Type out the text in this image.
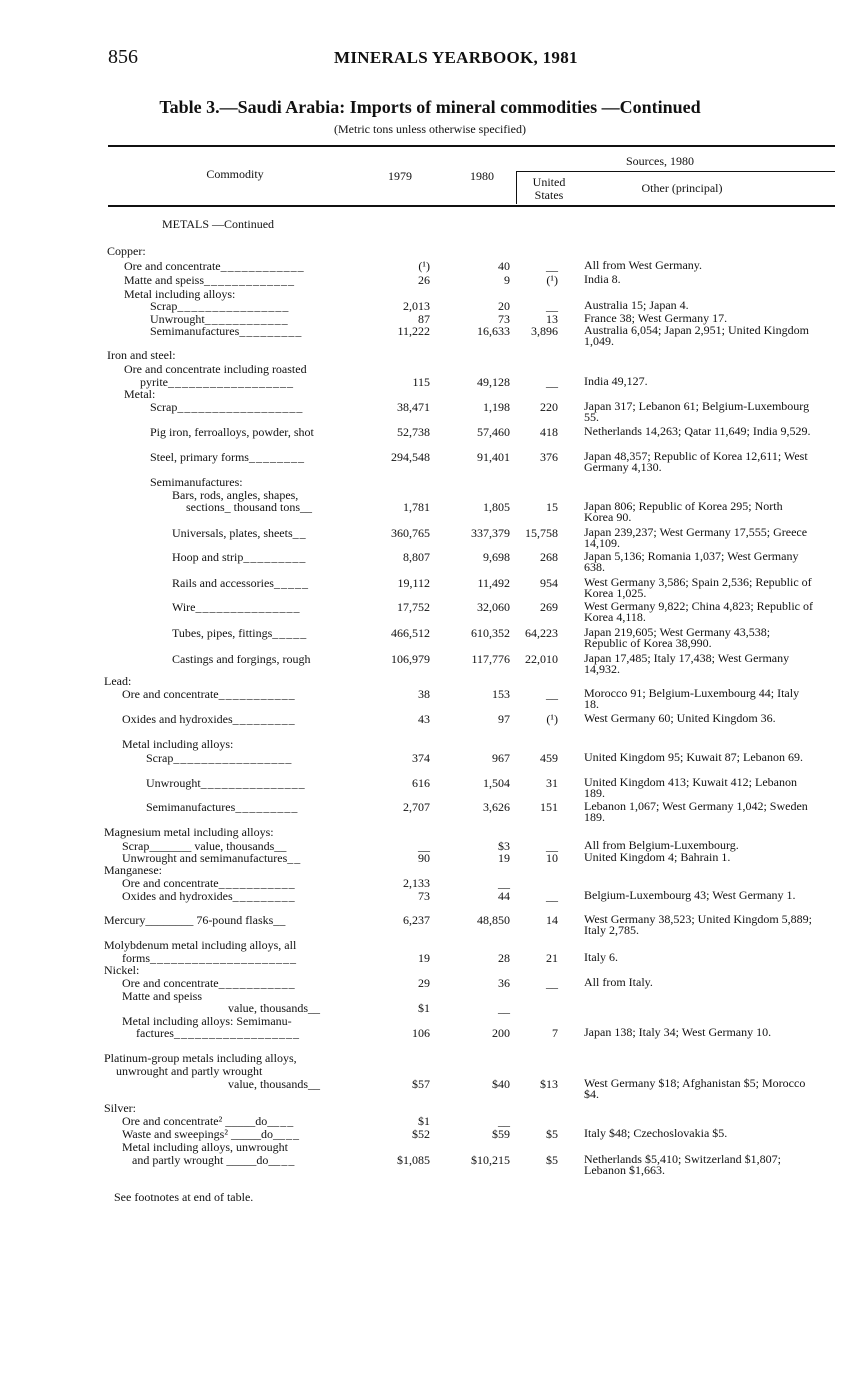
856	MINERALS YEARBOOK, 1981
Table 3.—Saudi Arabia: Imports of mineral commodities —Continued
(Metric tons unless otherwise specified)
Commodity	1979	1980
Sources, 1980
United States	Other (principal)
METALS —Continued
Copper:
Ore and concentrate____________	(¹)	40	__ All from West Germany.
Matte and speiss_____________	26	9	(¹) India 8.
Metal including alloys:
Scrap________________	2,013	20	__ Australia 15; Japan 4.
Unwrought____________	87	73	13 France 38; West Germany 17.
Semimanufactures_________	11,222	16,633	3,896 Australia 6,054; Japan 2,951; United Kingdom 1,049.
Iron and steel:
Ore and concentrate including roasted
pyrite__________________	115	49,128	__ India 49,127.
Metal:
Scrap__________________	38,471	1,198	220 Japan 317; Lebanon 61; Belgium-Luxembourg 55.
Pig iron, ferroalloys, powder, shot	52,738	57,460	418 Netherlands 14,263; Qatar 11,649; India 9,529.
Steel, primary forms________	294,548	91,401	376 Japan 48,357; Republic of Korea 12,611; West Germany 4,130.
Semimanufactures:
Bars, rods, angles, shapes,
sections_ thousand tons__	1,781	1,805	15 Japan 806; Republic of Korea 295; North Korea 90.
Universals, plates, sheets__	360,765	337,379	15,758 Japan 239,237; West Germany 17,555; Greece 14,109.
Hoop and strip_________	8,807	9,698	268 Japan 5,136; Romania 1,037; West Germany 638.
Rails and accessories_____	19,112	11,492	954 West Germany 3,586; Spain 2,536; Republic of Korea 1,025.
Wire_______________	17,752	32,060	269 West Germany 9,822; China 4,823; Republic of Korea 4,118.
Tubes, pipes, fittings_____	466,512	610,352	64,223 Japan 219,605; West Germany 43,538; Republic of Korea 38,990.
Castings and forgings, rough	106,979	117,776	22,010 Japan 17,485; Italy 17,438; West Germany 14,932.
Lead:
Ore and concentrate___________	38	153	__ Morocco 91; Belgium-Luxembourg 44; Italy 18.
Oxides and hydroxides_________	43	97	(¹) West Germany 60; United Kingdom 36.
Metal including alloys:
Scrap_________________	374	967	459 United Kingdom 95; Kuwait 87; Lebanon 69.
Unwrought_______________	616	1,504	31 United Kingdom 413; Kuwait 412; Lebanon 189.
Semimanufactures_________	2,707	3,626	151 Lebanon 1,067; West Germany 1,042; Sweden 189.
Magnesium metal including alloys:
Scrap_______ value, thousands__	__	$3	__ All from Belgium-Luxembourg.
Unwrought and semimanufactures__	90	19	10 United Kingdom 4; Bahrain 1.
Manganese:
Ore and concentrate___________	2,133	__
Oxides and hydroxides_________	73	44	__ Belgium-Luxembourg 43; West Germany 1.
Mercury________ 76-pound flasks__	6,237	48,850	14 West Germany 38,523; United Kingdom 5,889; Italy 2,785.
Molybdenum metal including alloys, all
forms_____________________	19	28	21 Italy 6.
Nickel:
Ore and concentrate___________	29	36	__ All from Italy.
Matte and speiss
value, thousands__	$1	__
Metal including alloys: Semimanu-
factures__________________	106	200	7 Japan 138; Italy 34; West Germany 10.
Platinum-group metals including alloys,
unwrought and partly wrought
value, thousands__	$57	$40	$13 West Germany $18; Afghanistan $5; Morocco $4.
Silver:
Ore and concentrate² _____do____	$1	__
Waste and sweepings² _____do____	$52	$59	$5 Italy $48; Czechoslovakia $5.
Metal including alloys, unwrought
and partly wrought _____do____	$1,085	$10,215	$5 Netherlands $5,410; Switzerland $1,807; Lebanon $1,663.
See footnotes at end of table.
